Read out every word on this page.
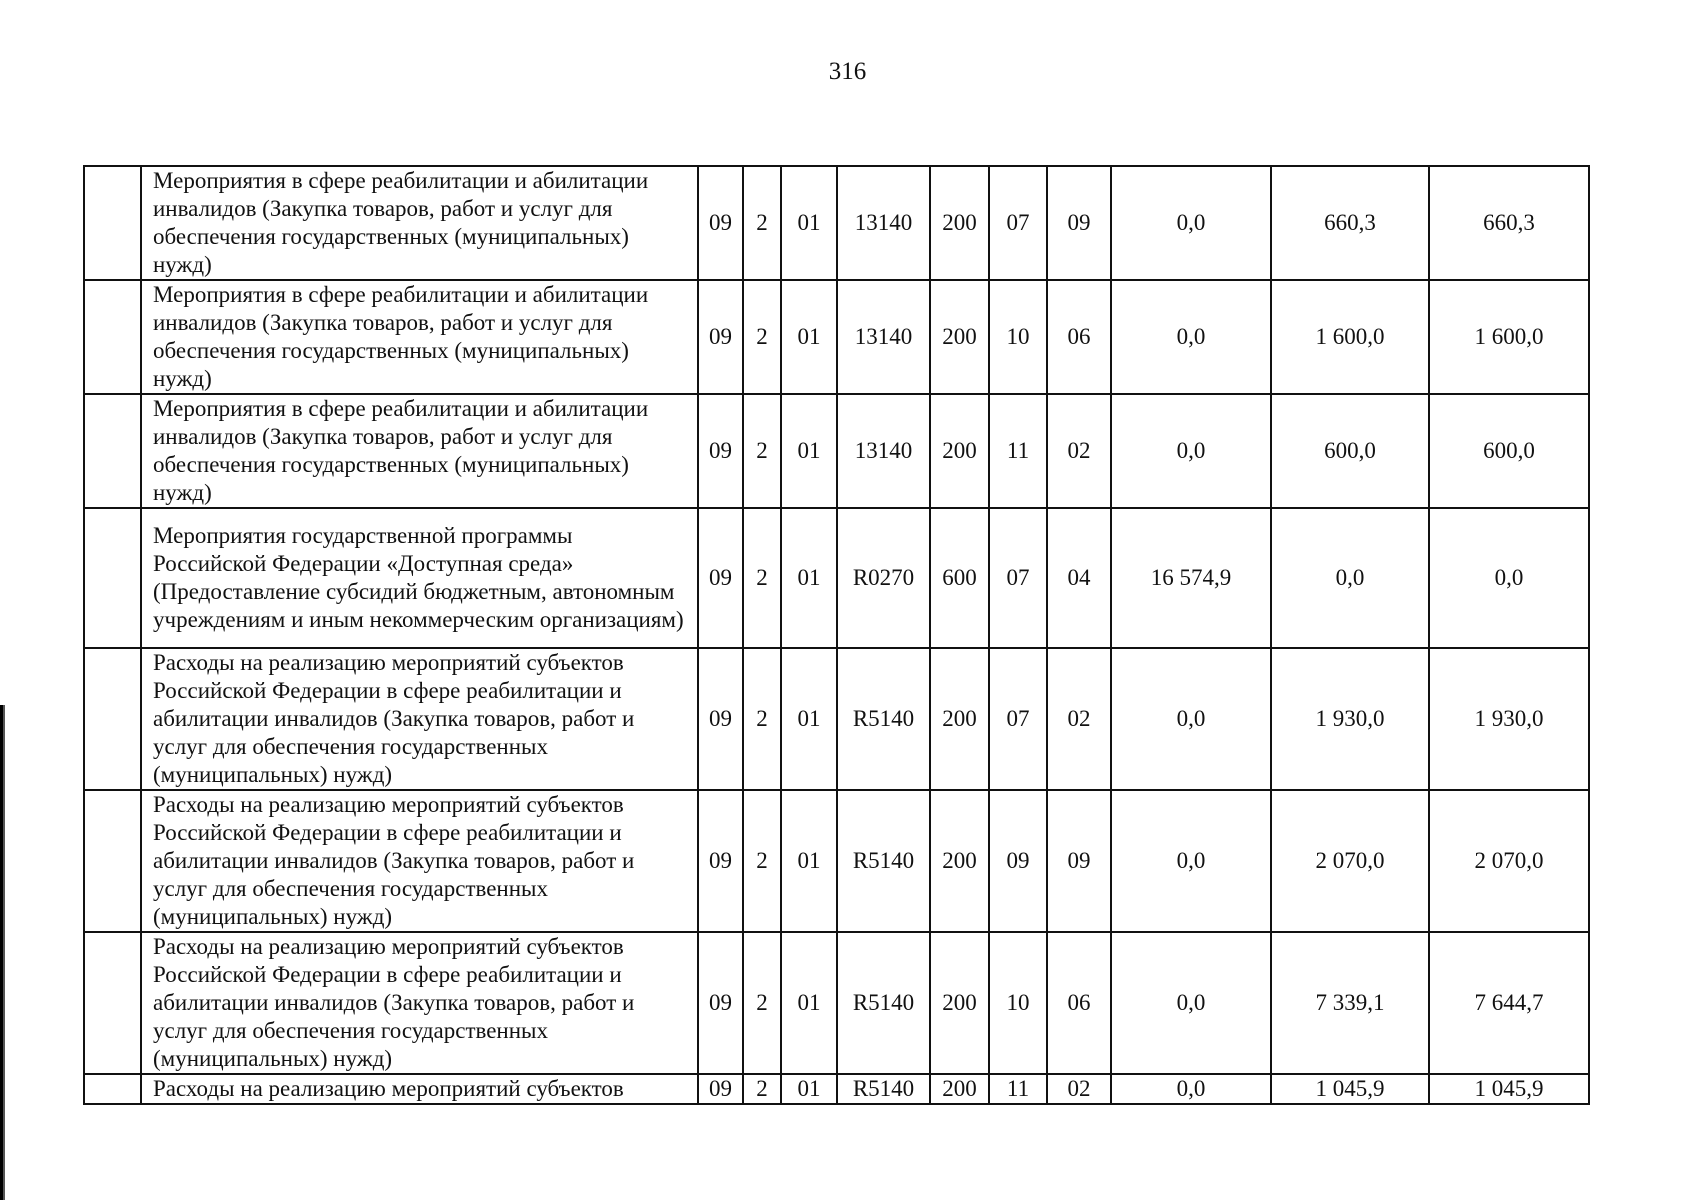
316
	Мероприятия в сфере реабилитации и абилитации инвалидов (Закупка товаров, работ и услуг для обеспечения государственных (муниципальных) нужд)	09	2	01	13140	200	07	09	0,0	660,3	660,3
	Мероприятия в сфере реабилитации и абилитации инвалидов (Закупка товаров, работ и услуг для обеспечения государственных (муниципальных) нужд)	09	2	01	13140	200	10	06	0,0	1 600,0	1 600,0
	Мероприятия в сфере реабилитации и абилитации инвалидов (Закупка товаров, работ и услуг для обеспечения государственных (муниципальных) нужд)	09	2	01	13140	200	11	02	0,0	600,0	600,0
	Мероприятия государственной программы Российской Федерации «Доступная среда» (Предоставление субсидий бюджетным, автономным учреждениям и иным некоммерческим организациям)	09	2	01	R0270	600	07	04	16 574,9	0,0	0,0
	Расходы на реализацию мероприятий субъектов Российской Федерации в сфере реабилитации и абилитации инвалидов (Закупка товаров, работ и услуг для обеспечения государственных (муниципальных) нужд)	09	2	01	R5140	200	07	02	0,0	1 930,0	1 930,0
	Расходы на реализацию мероприятий субъектов Российской Федерации в сфере реабилитации и абилитации инвалидов (Закупка товаров, работ и услуг для обеспечения государственных (муниципальных) нужд)	09	2	01	R5140	200	09	09	0,0	2 070,0	2 070,0
	Расходы на реализацию мероприятий субъектов Российской Федерации в сфере реабилитации и абилитации инвалидов (Закупка товаров, работ и услуг для обеспечения государственных (муниципальных) нужд)	09	2	01	R5140	200	10	06	0,0	7 339,1	7 644,7
	Расходы на реализацию мероприятий субъектов	09	2	01	R5140	200	11	02	0,0	1 045,9	1 045,9
